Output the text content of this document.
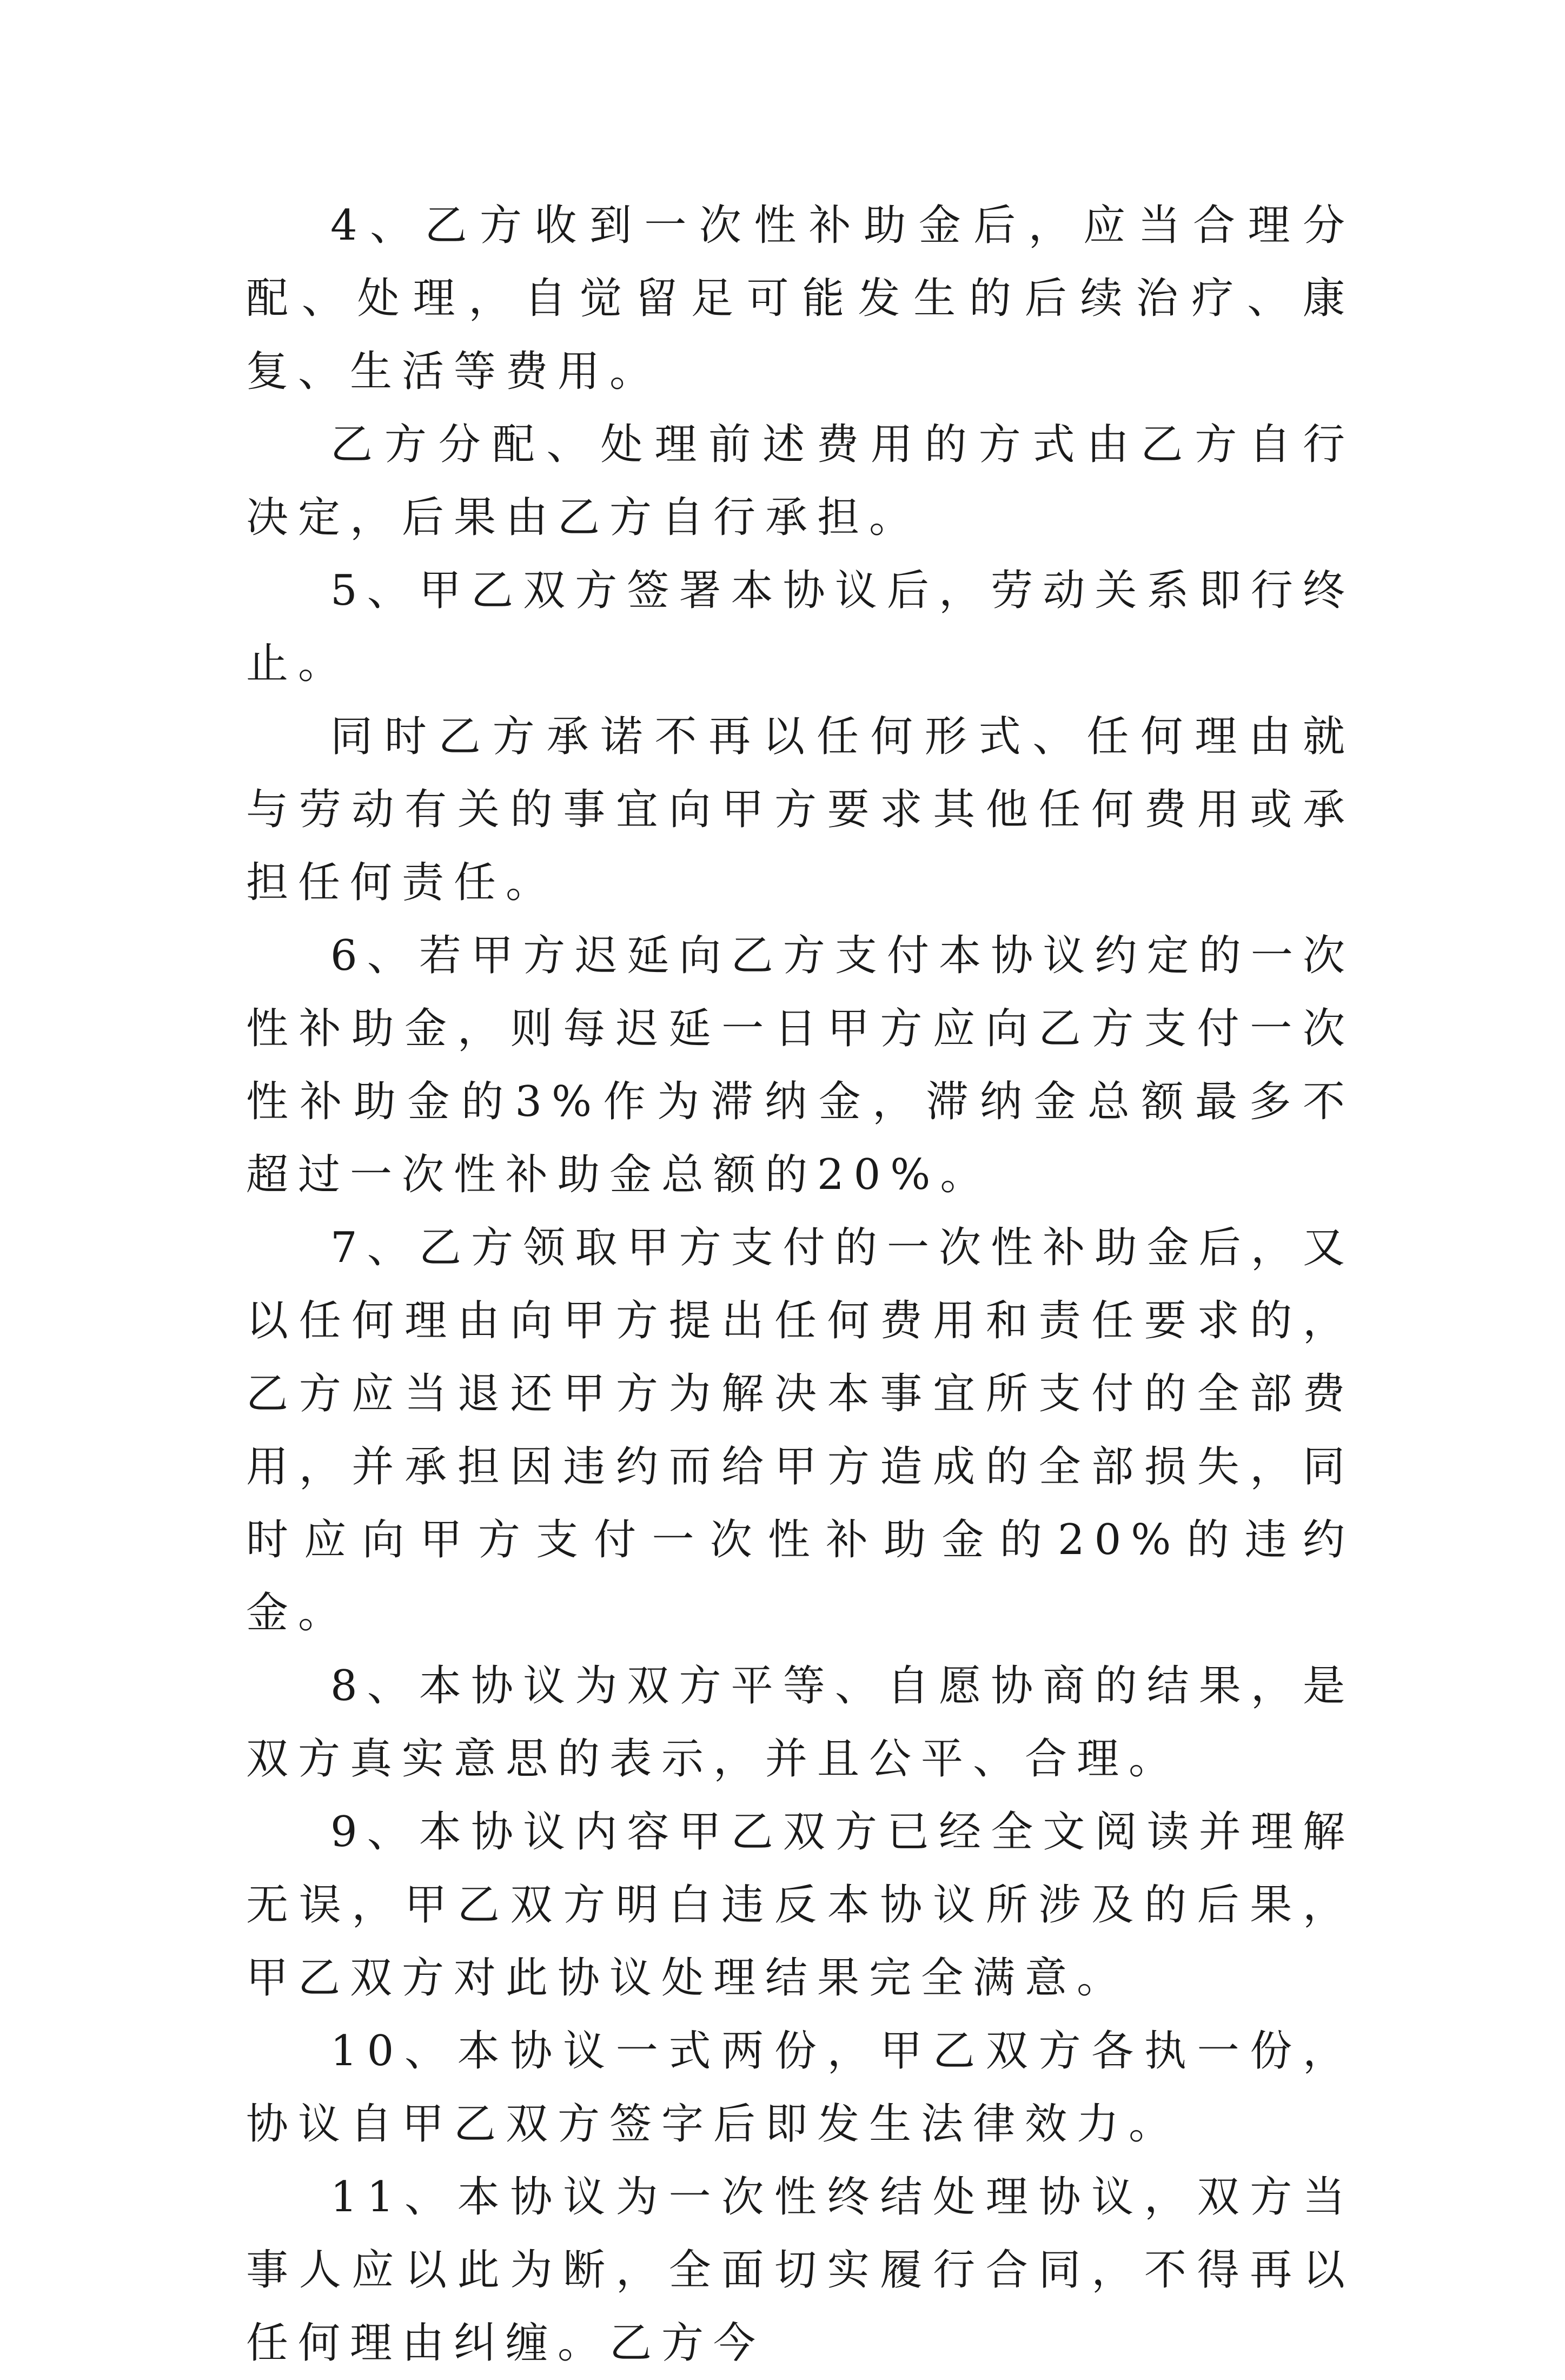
4、乙方收到一次性补助金后，应当合理分配、处理，自觉留足可能发生的后续治疗、康复、生活等费用。

乙方分配、处理前述费用的方式由乙方自行决定，后果由乙方自行承担。

5、甲乙双方签署本协议后，劳动关系即行终止。

同时乙方承诺不再以任何形式、任何理由就与劳动有关的事宜向甲方要求其他任何费用或承担任何责任。

6、若甲方迟延向乙方支付本协议约定的一次性补助金，则每迟延一日甲方应向乙方支付一次性补助金的3%作为滞纳金，滞纳金总额最多不超过一次性补助金总额的20%。

7、乙方领取甲方支付的一次性补助金后，又以任何理由向甲方提出任何费用和责任要求的，乙方应当退还甲方为解决本事宜所支付的全部费用，并承担因违约而给甲方造成的全部损失，同时应向甲方支付一次性补助金的20%的违约金。

8、本协议为双方平等、自愿协商的结果，是双方真实意思的表示，并且公平、合理。

9、本协议内容甲乙双方已经全文阅读并理解无误，甲乙双方明白违反本协议所涉及的后果，甲乙双方对此协议处理结果完全满意。

10、本协议一式两份，甲乙双方各执一份，协议自甲乙双方签字后即发生法律效力。

11、本协议为一次性终结处理协议，双方当事人应以此为断，全面切实履行合同，不得再以任何理由纠缠。乙方今
